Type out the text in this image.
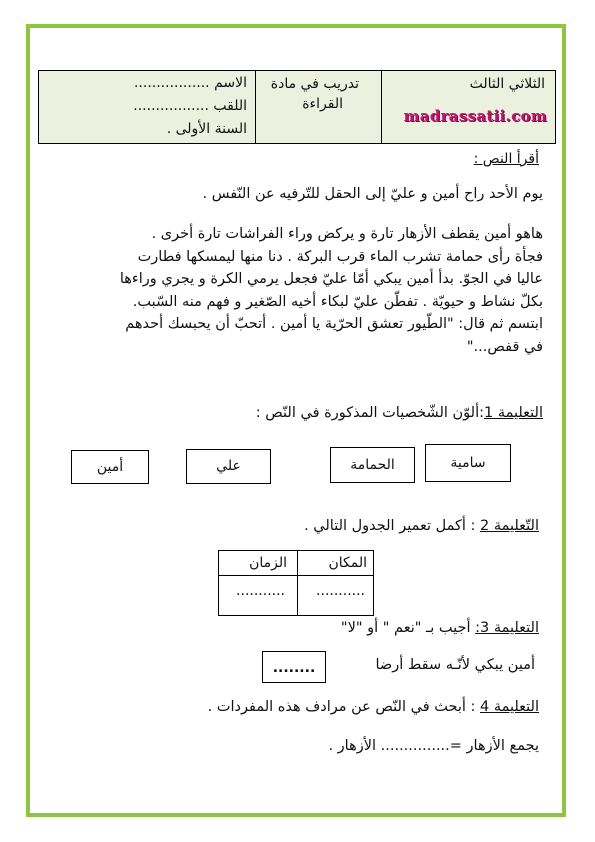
الثلاثي الثالث
madrassatii.com
تدريب في مادة
القراءة
الاسم .................
اللقب .................
السنة الأولى .
أقرأ النص :
يوم الأحد راح أمين و عليّ إلى الحقل للتّرفيه عن النّفس .
هاهو أمين يقطف الأزهار تارة و يركض وراء الفراشات تارة أخرى .
فجأة رأى حمامة تشرب الماء قرب البركة . دنا منها ليمسكها فطارت
عاليا في الجوّ. بدأ أمين يبكي أمّا عليّ فجعل يرمي الكرة و يجري وراءها
بكلّ نشاط و حيويّة . تفطّن عليّ لبكاء أخيه الصّغير و فهم منه السّبب.
ابتسم ثم قال: "الطّيور تعشق الحرّية يا أمين . أتحبّ أن يحبسك أحدهم
في قفص..."
التعليمة 1:ألوّن الشّخصيات المذكورة في النّص :
سامية
الحمامة
علي
أمين
التّعليمة 2 : أكمل تعمير الجدول التالي .
المكان
الزمان
...........
...........
التعليمة 3: أجيب بـ "نعم " أو "لا"
أمين يبكي لأنّـه سقط أرضا
........
التعليمة 4 : أبحث في النّص عن مرادف هذه المفردات .
يجمع الأزهار =............... الأزهار .
